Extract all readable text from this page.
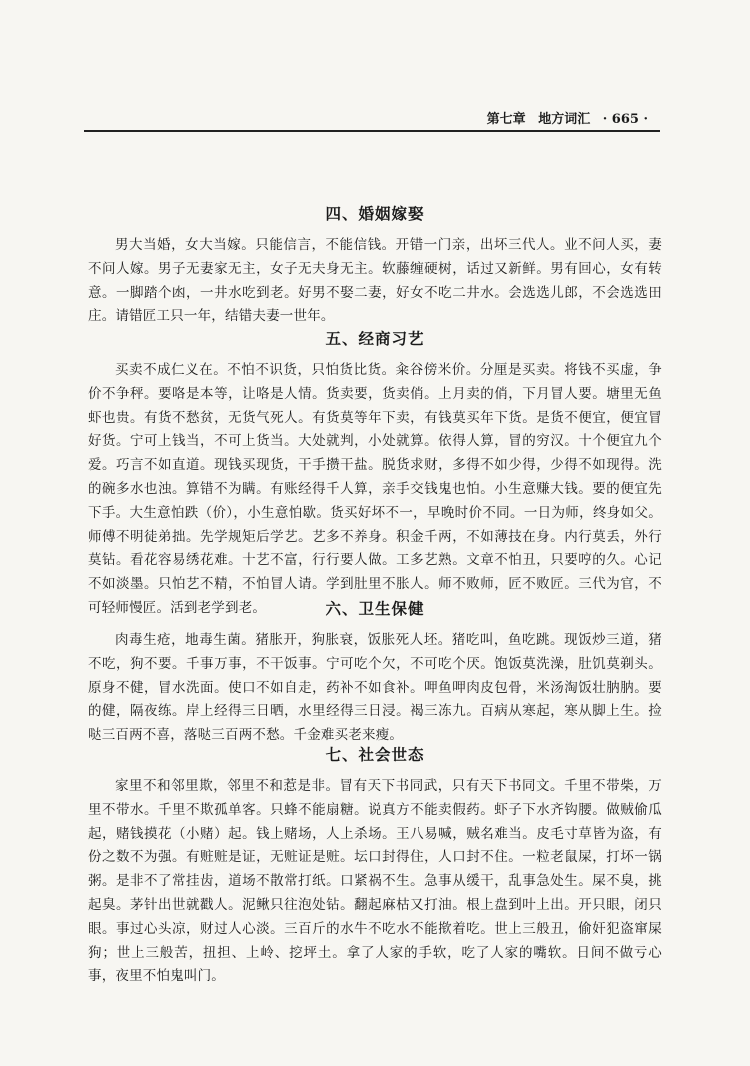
第七章 地方词汇 · 665 ·
四、婚姻嫁娶

男大当婚，女大当嫁。只能信言，不能信钱。开错一门亲，出坏三代人。业不问人买，妻不问人嫁。男子无妻家无主，女子无夫身无主。软藤缠硬树，话过又新鲜。男有回心，女有转意。一脚踏个凼，一井水吃到老。好男不娶二妻，好女不吃二井水。会选选儿郎，不会选选田庄。请错匠工只一年，结错夫妻一世年。

五、经商习艺

买卖不成仁义在。不怕不识货，只怕货比货。籴谷傍米价。分厘是买卖。将钱不买虚，争价不争秤。要咯是本等，让咯是人情。货卖要，货卖俏。上月卖的俏，下月冒人要。塘里无鱼虾也贵。有货不愁贫，无货气死人。有货莫等年下卖，有钱莫买年下货。是货不便宜，便宜冒好货。宁可上钱当，不可上货当。大处就判，小处就算。依得人算，冒的穷汉。十个便宜九个爱。巧言不如直道。现钱买现货，干手攒干盐。脱货求财，多得不如少得，少得不如现得。洗的碗多水也浊。算错不为瞒。有账经得千人算，亲手交钱鬼也怕。小生意赚大钱。要的便宜先下手。大生意怕跌（价），小生意怕歇。货买好坏不一，早晚时价不同。一日为师，终身如父。师傅不明徒弟拙。先学规矩后学艺。艺多不养身。积金千两，不如薄技在身。内行莫丢，外行莫钻。看花容易绣花难。十艺不富，行行要人做。工多艺熟。文章不怕丑，只要哼的久。心记不如淡墨。只怕艺不精，不怕冒人请。学到肚里不胀人。师不败师，匠不败匠。三代为官，不可轻师慢匠。活到老学到老。	六、卫生保健

肉毒生疮，地毒生菌。猪胀开，狗胀衰，饭胀死人坯。猪吃叫，鱼吃跳。现饭炒三道，猪不吃，狗不要。千事万事，不干饭事。宁可吃个欠，不可吃个厌。饱饭莫洗澡，肚饥莫剃头。原身不健，冒水洗面。使口不如自走，药补不如食补。呷鱼呷肉皮包骨，米汤淘饭壮肭肭。要的健，隔夜练。岸上经得三日晒，水里经得三日浸。褐三冻九。百病从寒起，寒从脚上生。捡哒三百两不喜，落哒三百两不愁。千金难买老来瘦。

七、社会世态

家里不和邻里欺，邻里不和惹是非。冒有天下书同武，只有天下书同文。千里不带柴，万里不带水。千里不欺孤单客。只蜂不能扇糖。说真方不能卖假药。虾子下水齐钩腰。做贼偷瓜起，赌钱摸花（小赌）起。钱上赌场，人上杀场。王八易喊，贼名难当。皮毛寸草皆为盗，有份之数不为强。有赃赃是证，无赃证是赃。坛口封得住，人口封不住。一粒老鼠屎，打坏一锅粥。是非不了常挂齿，道场不散常打纸。口紧祸不生。急事从缓干，乱事急处生。屎不臭，挑起臭。茅针出世就戳人。泥鳅只往泡处钻。翻起麻枯又打油。根上盘到叶上出。开只眼，闭只眼。事过心头凉，财过人心淡。三百斤的水牛不吃水不能揿着吃。世上三般丑，偷奸犯盗窜屎狗；世上三般苦，扭担、上岭、挖坪土。拿了人家的手软，吃了人家的嘴软。日间不做亏心事，夜里不怕鬼叫门。
